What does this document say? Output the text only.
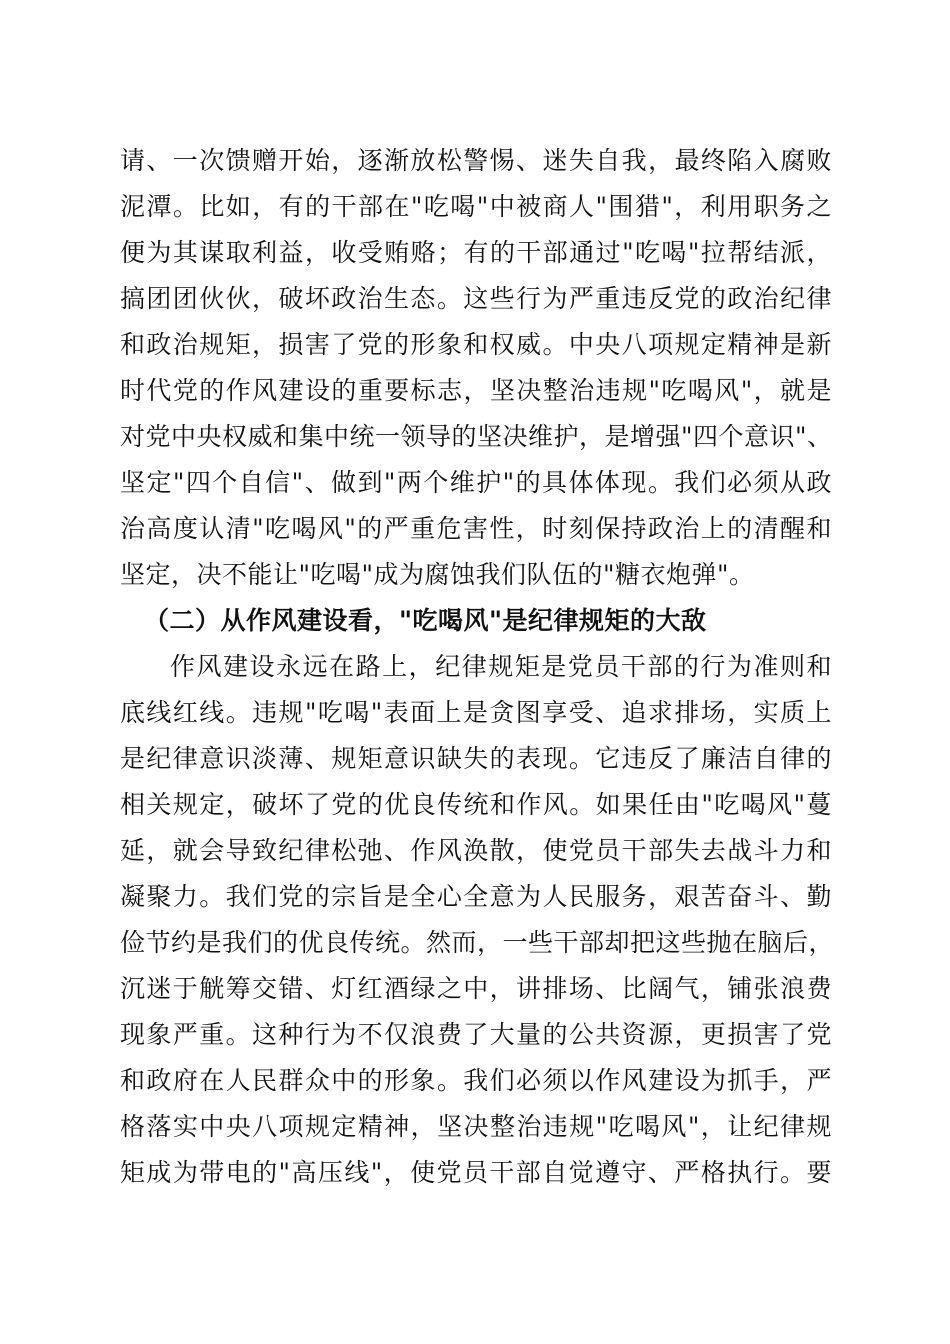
请、一次馈赠开始，逐渐放松警惕、迷失自我，最终陷入腐败
泥潭。比如，有的干部在"吃喝"中被商人"围猎"，利用职务之
便为其谋取利益，收受贿赂；有的干部通过"吃喝"拉帮结派，
搞团团伙伙，破坏政治生态。这些行为严重违反党的政治纪律
和政治规矩，损害了党的形象和权威。中央八项规定精神是新
时代党的作风建设的重要标志，坚决整治违规"吃喝风"，就是
对党中央权威和集中统一领导的坚决维护，是增强"四个意识"、
坚定"四个自信"、做到"两个维护"的具体体现。我们必须从政
治高度认清"吃喝风"的严重危害性，时刻保持政治上的清醒和
坚定，决不能让"吃喝"成为腐蚀我们队伍的"糖衣炮弹"。
（二）从作风建设看，"吃喝风"是纪律规矩的大敌
作风建设永远在路上，纪律规矩是党员干部的行为准则和
底线红线。违规"吃喝"表面上是贪图享受、追求排场，实质上
是纪律意识淡薄、规矩意识缺失的表现。它违反了廉洁自律的
相关规定，破坏了党的优良传统和作风。如果任由"吃喝风"蔓
延，就会导致纪律松弛、作风涣散，使党员干部失去战斗力和
凝聚力。我们党的宗旨是全心全意为人民服务，艰苦奋斗、勤
俭节约是我们的优良传统。然而，一些干部却把这些抛在脑后，
沉迷于觥筹交错、灯红酒绿之中，讲排场、比阔气，铺张浪费
现象严重。这种行为不仅浪费了大量的公共资源，更损害了党
和政府在人民群众中的形象。我们必须以作风建设为抓手，严
格落实中央八项规定精神，坚决整治违规"吃喝风"，让纪律规
矩成为带电的"高压线"，使党员干部自觉遵守、严格执行。要
